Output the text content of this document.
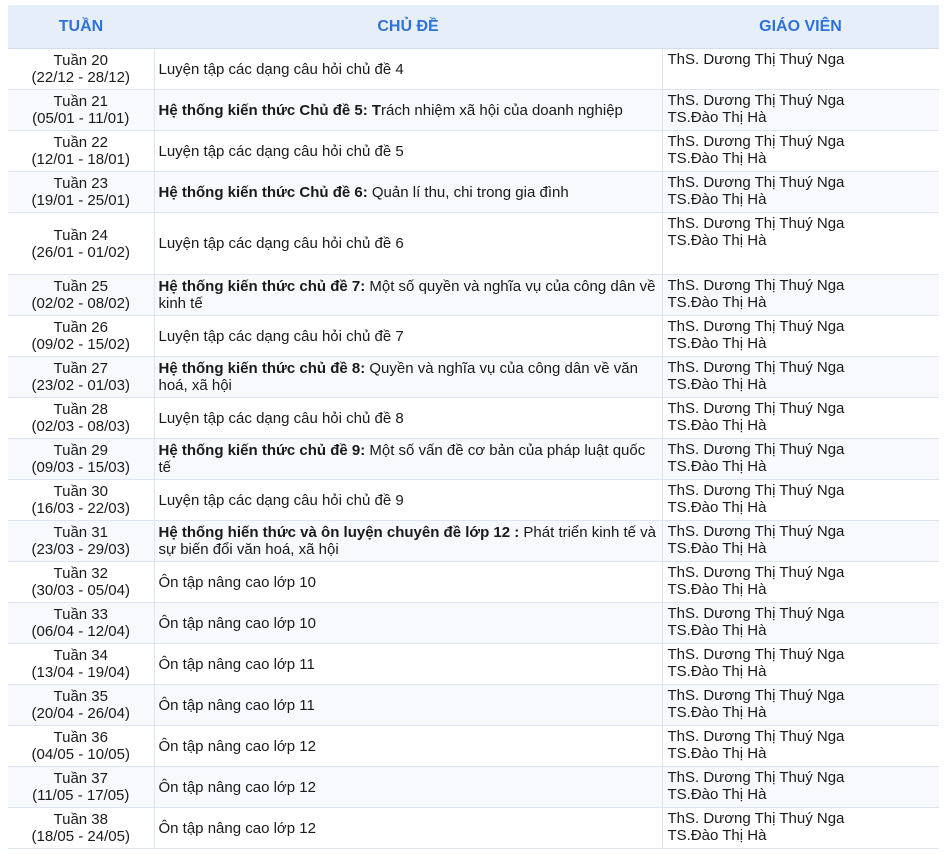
TUẦN	CHỦ ĐỀ	GIÁO VIÊN

Tuần 20
(22/12 - 28/12)	Luyện tập các dạng câu hỏi chủ đề 4	ThS. Dương Thị Thuý Nga

Tuần 21
(05/01 - 11/01)	Hệ thống kiến thức Chủ đề 5: Trách nhiệm xã hội của doanh nghiệp	ThS. Dương Thị Thuý Nga
TS.Đào Thị Hà

Tuần 22
(12/01 - 18/01)	Luyện tập các dạng câu hỏi chủ đề 5	ThS. Dương Thị Thuý Nga
TS.Đào Thị Hà

Tuần 23
(19/01 - 25/01)	Hệ thống kiến thức Chủ đề 6: Quản lí thu, chi trong gia đình	ThS. Dương Thị Thuý Nga
TS.Đào Thị Hà

Tuần 24
(26/01 - 01/02)	Luyện tập các dạng câu hỏi chủ đề 6	ThS. Dương Thị Thuý Nga
TS.Đào Thị Hà

Tuần 25
(02/02 - 08/02)	Hệ thống kiến thức chủ đề 7: Một số quyền và nghĩa vụ của công dân về kinh tế	ThS. Dương Thị Thuý Nga
TS.Đào Thị Hà

Tuần 26
(09/02 - 15/02)	Luyện tập các dạng câu hỏi chủ đề 7	ThS. Dương Thị Thuý Nga
TS.Đào Thị Hà

Tuần 27
(23/02 - 01/03)	Hệ thống kiến thức chủ đề 8: Quyền và nghĩa vụ của công dân về văn hoá, xã hội	ThS. Dương Thị Thuý Nga
TS.Đào Thị Hà

Tuần 28
(02/03 - 08/03)	Luyện tập các dạng câu hỏi chủ đề 8	ThS. Dương Thị Thuý Nga
TS.Đào Thị Hà

Tuần 29
(09/03 - 15/03)	Hệ thống kiến thức chủ đề 9: Một số vấn đề cơ bản của pháp luật quốc tế	ThS. Dương Thị Thuý Nga
TS.Đào Thị Hà

Tuần 30
(16/03 - 22/03)	Luyện tập các dạng câu hỏi chủ đề 9	ThS. Dương Thị Thuý Nga
TS.Đào Thị Hà

Tuần 31
(23/03 - 29/03)	Hệ thống hiến thức và ôn luyện chuyên đề lớp 12 : Phát triển kinh tế và sự biến đổi văn hoá, xã hội	ThS. Dương Thị Thuý Nga
TS.Đào Thị Hà

Tuần 32
(30/03 - 05/04)	Ôn tập nâng cao lớp 10	ThS. Dương Thị Thuý Nga
TS.Đào Thị Hà

Tuần 33
(06/04 - 12/04)	Ôn tập nâng cao lớp 10	ThS. Dương Thị Thuý Nga
TS.Đào Thị Hà

Tuần 34
(13/04 - 19/04)	Ôn tập nâng cao lớp 11	ThS. Dương Thị Thuý Nga
TS.Đào Thị Hà

Tuần 35
(20/04 - 26/04)	Ôn tập nâng cao lớp 11	ThS. Dương Thị Thuý Nga
TS.Đào Thị Hà

Tuần 36
(04/05 - 10/05)	Ôn tập nâng cao lớp 12	ThS. Dương Thị Thuý Nga
TS.Đào Thị Hà

Tuần 37
(11/05 - 17/05)	Ôn tập nâng cao lớp 12	ThS. Dương Thị Thuý Nga
TS.Đào Thị Hà

Tuần 38
(18/05 - 24/05)	Ôn tập nâng cao lớp 12	ThS. Dương Thị Thuý Nga
TS.Đào Thị Hà
